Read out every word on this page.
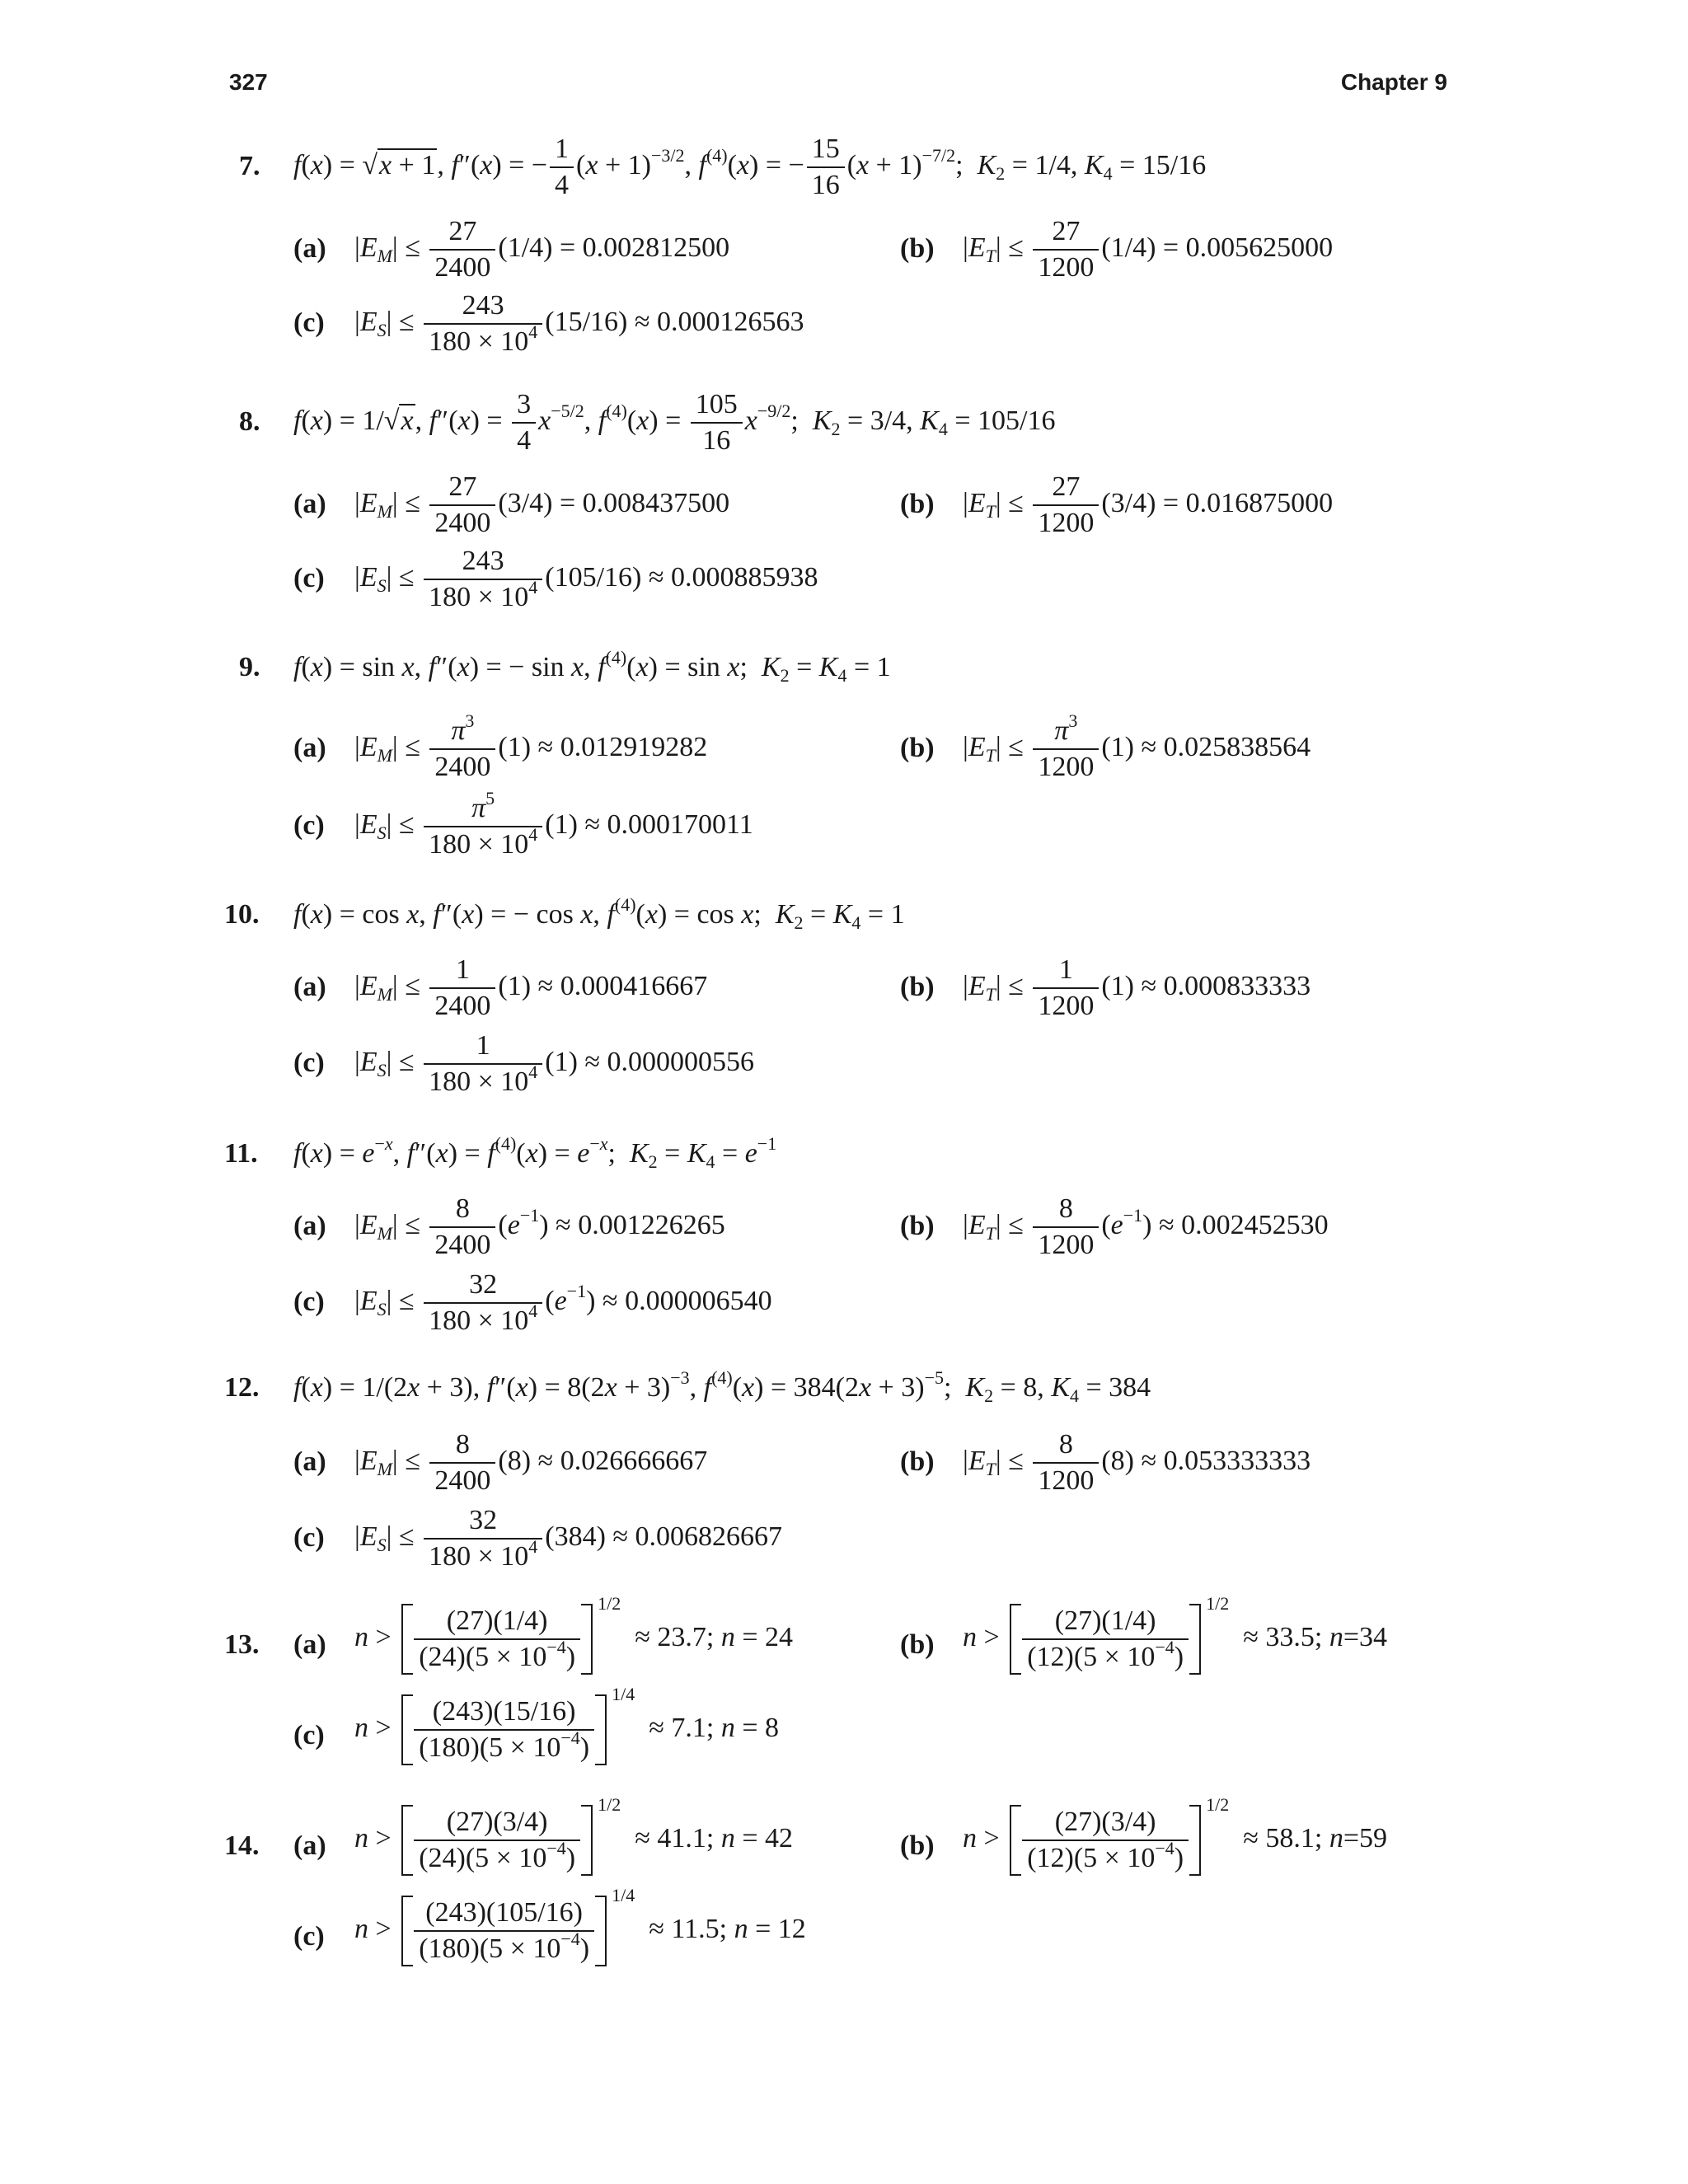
327	Chapter 9
7. f(x) = √x + 1, f″(x) = − $\frac{1}{4} (x + 1)^{-3/2}$, $f^{(4)}(x)$ = − $\frac{15}{16} (x + 1)^{-7/2}$;  $K_2 = 1/4$, $K_4 = 15/16$
(a) $|E_M| \le \frac{27}{2400} (1/4) = 0.002812500$	(b) $|E_T| \le \frac{27}{1200} (1/4) = 0.005625000$
(c) $|E_S| \le \frac{243}{180 \times 10^4} (15/16) \approx 0.000126563$
8. f(x) = 1/√x, $f''(x) = \frac{3}{4} x^{-5/2}$, $f^{(4)}(x) = \frac{105}{16} x^{-9/2}$;  $K_2 = 3/4$, $K_4 = 105/16$
(a) $|E_M| \le \frac{27}{2400} (3/4) = 0.008437500$	(b) $|E_T| \le \frac{27}{1200} (3/4) = 0.016875000$
(c) $|E_S| \le \frac{243}{180 \times 10^4} (105/16) \approx 0.000885938$
9. f(x) = sin x, f″(x) = − sin x, $f^{(4)}(x) = \sin x$;  $K_2 = K_4 = 1$
(a) $|E_M| \le \frac{\pi^3}{2400} (1) \approx 0.012919282$	(b) $|E_T| \le \frac{\pi^3}{1200} (1) \approx 0.025838564$
(c) $|E_S| \le \frac{\pi^5}{180 \times 10^4} (1) \approx 0.000170011$
10. f(x) = cos x, f″(x) = − cos x, $f^{(4)}(x) = \cos x$;  $K_2 = K_4 = 1$
(a) $|E_M| \le \frac{1}{2400} (1) \approx 0.000416667$	(b) $|E_T| \le \frac{1}{1200} (1) \approx 0.000833333$
(c) $|E_S| \le \frac{1}{180 \times 10^4} (1) \approx 0.000000556$
11. $f(x) = e^{-x}$, $f''(x) = f^{(4)}(x) = e^{-x}$;  $K_2 = K_4 = e^{-1}$
(a) $|E_M| \le \frac{8}{2400} (e^{-1}) \approx 0.001226265$	(b) $|E_T| \le \frac{8}{1200} (e^{-1}) \approx 0.002452530$
(c) $|E_S| \le \frac{32}{180 \times 10^4} (e^{-1}) \approx 0.000006540$
12. f(x) = 1/(2x + 3), $f''(x) = 8(2x + 3)^{-3}$, $f^{(4)}(x) = 384(2x + 3)^{-5}$;  $K_2 = 8$, $K_4 = 384$
(a) $|E_M| \le \frac{8}{2400} (8) \approx 0.026666667$	(b) $|E_T| \le \frac{8}{1200} (8) \approx 0.053333333$
(c) $|E_S| \le \frac{32}{180 \times 10^4} (384) \approx 0.006826667$
13. (a) $n > \frac{(27)(1/4)}{(24)(5 \times 10^{-4})}$
$^{1/2}$  ≈ 23.7; n = 24	(b) $n > \frac{(27)(1/4)}{(12)(5 \times 10^{-4})}$
$^{1/2}$  ≈ 33.5; n=34
(c) $n > \frac{(243)(15/16)}{(180)(5 \times 10^{-4})}$
$^{1/4}$  ≈ 7.1; n = 8
14. (a) $n > \frac{(27)(3/4)}{(24)(5 \times 10^{-4})}$
$^{1/2}$  ≈ 41.1; n = 42	(b) $n > \frac{(27)(3/4)}{(12)(5 \times 10^{-4})}$
$^{1/2}$  ≈ 58.1; n=59
(c) $n > \frac{(243)(105/16)}{(180)(5 \times 10^{-4})}$
$^{1/4}$  ≈ 11.5; n = 12
